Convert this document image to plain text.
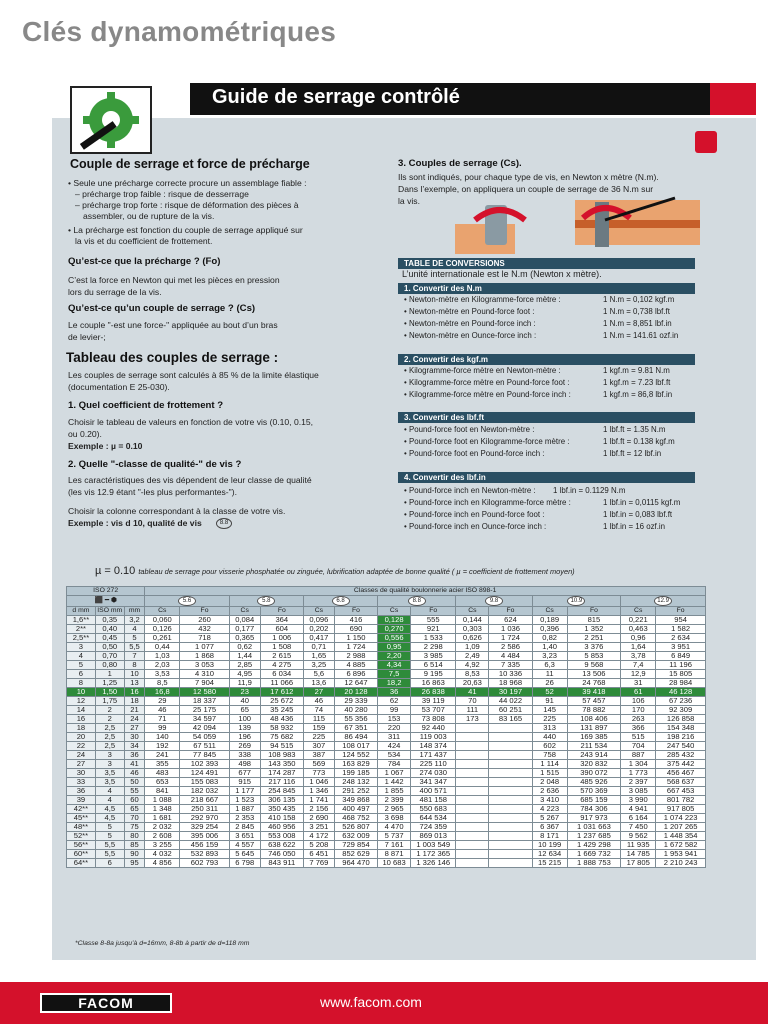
Clés dynamométriques
Guide de serrage contrôlé
Couple de serrage et force de précharge
• Seule une précharge correcte procure un assemblage fiable :
– précharge trop faible : risque de desserrage
– précharge trop forte : risque de déformation des pièces à
assembler, ou de rupture de la vis.
• La précharge est fonction du couple de serrage appliqué sur
la vis et du coefficient de frottement.
Qu’est-ce que la précharge ? (Fo)
C’est la force en Newton qui met les pièces en pression
lors du serrage de la vis.
Qu’est-ce qu’un couple de serrage ? (Cs)
Le couple "-est une force-" appliquée au bout d’un bras
de levier-;
Tableau des couples de serrage :
Les couples de serrage sont calculés à 85 % de la limite élastique
(documentation E 25-030).
1. Quel coefficient de frottement ?
Choisir le tableau de valeurs en fonction de votre vis (0.10, 0.15,
ou 0.20).
Exemple : µ = 0.10
2. Quelle "-classe de qualité-" de vis ?
Les caractéristiques des vis dépendent de leur classe de qualité
(les vis 12.9 étant "-les plus performantes-").
Choisir la colonne correspondant à la classe de votre vis.
Exemple : vis d 10, qualité de vis	8.8
3. Couples de serrage (Cs).
Ils sont indiqués, pour chaque type de vis, en Newton x mètre (N.m).
Dans l’exemple, on appliquera un couple de serrage de 36 N.m sur
la vis.
TABLE DE CONVERSIONS
L’unité internationale est le N.m (Newton x mètre).
1. Convertir des N.m
• Newton-mètre en Kilogramme-force mètre :	1 N.m = 0,102 kgf.m
• Newton-mètre en Pound-force foot :	1 N.m = 0,738 lbf.ft
• Newton-mètre en Pound-force inch :	1 N.m = 8,851 lbf.in
• Newton-mètre en Ounce-force inch :	1 N.m = 141.61 ozf.in
2. Convertir des kgf.m
• Kilogramme-force mètre en Newton-mètre :	1 kgf.m = 9.81 N.m
• Kilogramme-force mètre en Pound-force foot :	1 kgf.m = 7.23 lbf.ft
• Kilogramme-force mètre en Pound-force inch :	1 kgf.m = 86,8 lbf.in
3. Convertir des lbf.ft
• Pound-force foot en Newton-mètre :	1 lbf.ft = 1.35 N.m
• Pound-force foot en Kilogramme-force mètre :	1 lbf.ft = 0.138 kgf.m
• Pound-force foot en Pound-force inch :	1 lbf.ft = 12 lbf.in
4. Convertir des lbf.in
• Pound-force inch en Newton-mètre : 1 lbf.in = 0.1129 N.m
• Pound-force inch en Kilogramme-force mètre :	1 lbf.in = 0,0115 kgf.m
• Pound-force inch en Pound-force foot :	1 lbf.in = 0,083 lbf.ft
• Pound-force inch en Ounce-force inch :	1 lbf.in = 16 ozf.in
µ = 0.10 tableau de serrage pour visserie phosphatée ou zinguée, lubrification adaptée de bonne qualité ( µ = coefficient de frottement moyen)
ISO 272			Classes de qualité boulonnerie acier ISO 898-1													
⬛ ━ ⬢			5.6		5.8		6.8		8.8		9.8		10.9		12.9	
d mm	ISO mm	mm	Cs	Fo	Cs	Fo	Cs	Fo	Cs	Fo	Cs	Fo	Cs	Fo	Cs	Fo
1,6**	0,35	3,2	0,060	260	0,084	364	0,096	416	0,128	555	0,144	624	0,189	815	0,221	954
2**	0,40	4	0,126	432	0,177	604	0,202	690	0,270	921	0,303	1 036	0,396	1 352	0,463	1 582
2,5**	0,45	5	0,261	718	0,365	1 006	0,417	1 150	0,556	1 533	0,626	1 724	0,82	2 251	0,96	2 634
3	0,50	5,5	0,44	1 077	0,62	1 508	0,71	1 724	0,95	2 298	1,09	2 586	1,40	3 376	1,64	3 951
4	0,70	7	1,03	1 868	1,44	2 615	1,65	2 988	2,20	3 985	2,49	4 484	3,23	5 853	3,78	6 849
5	0,80	8	2,03	3 053	2,85	4 275	3,25	4 885	4,34	6 514	4,92	7 335	6,3	9 568	7,4	11 196
6	1	10	3,53	4 310	4,95	6 034	5,6	6 896	7,5	9 195	8,53	10 336	11	13 506	12,9	15 805
8	1,25	13	8,5	7 904	11,9	11 066	13,6	12 647	18,2	16 863	20,63	18 968	26	24 768	31	28 984
10	1,50	16	16,8	12 580	23	17 612	27	20 128	36	26 838	41	30 197	52	39 418	61	46 128
12	1,75	18	29	18 337	40	25 672	46	29 339	62	39 119	70	44 022	91	57 457	106	67 236
14	2	21	46	25 175	65	35 245	74	40 280	99	53 707	111	60 251	145	78 882	170	92 309
16	2	24	71	34 597	100	48 436	115	55 356	153	73 808	173	83 165	225	108 406	263	126 858
18	2,5	27	99	42 094	139	58 932	159	67 351	220	92 440			313	131 897	366	154 348
20	2,5	30	140	54 059	196	75 682	225	86 494	311	119 003			440	169 385	515	198 216
22	2,5	34	192	67 511	269	94 515	307	108 017	424	148 374			602	211 534	704	247 540
24	3	36	241	77 845	338	108 983	387	124 552	534	171 437			758	243 914	887	285 432
27	3	41	355	102 393	498	143 350	569	163 829	784	225 110			1 114	320 832	1 304	375 442
30	3,5	46	483	124 491	677	174 287	773	199 185	1 067	274 030			1 515	390 072	1 773	456 467
33	3,5	50	653	155 083	915	217 116	1 046	248 132	1 442	341 347			2 048	485 926	2 397	568 637
36	4	55	841	182 032	1 177	254 845	1 346	291 252	1 855	400 571			2 636	570 369	3 085	667 453
39	4	60	1 088	218 667	1 523	306 135	1 741	349 868	2 399	481 158			3 410	685 159	3 990	801 782
42**	4,5	65	1 348	250 311	1 887	350 435	2 156	400 497	2 965	550 683			4 223	784 306	4 941	917 805
45**	4,5	70	1 681	292 970	2 353	410 158	2 690	468 752	3 698	644 534			5 267	917 973	6 164	1 074 223
48**	5	75	2 032	329 254	2 845	460 956	3 251	526 807	4 470	724 359			6 367	1 031 663	7 450	1 207 265
52**	5	80	2 608	395 006	3 651	553 008	4 172	632 009	5 737	869 013			8 171	1 237 685	9 562	1 448 354
56**	5,5	85	3 255	456 159	4 557	638 622	5 208	729 854	7 161	1 003 549			10 199	1 429 298	11 935	1 672 582
60**	5,5	90	4 032	532 893	5 645	746 050	6 451	852 629	8 871	1 172 365			12 634	1 669 732	14 785	1 953 941
64**	6	95	4 856	602 793	6 798	843 911	7 769	964 470	10 683	1 326 146			15 215	1 888 753	17 805	2 210 243
*Classe 8-8a jusqu’à d=16mm, 8-8b à partir de d=118 mm
FACOM	www.facom.com
